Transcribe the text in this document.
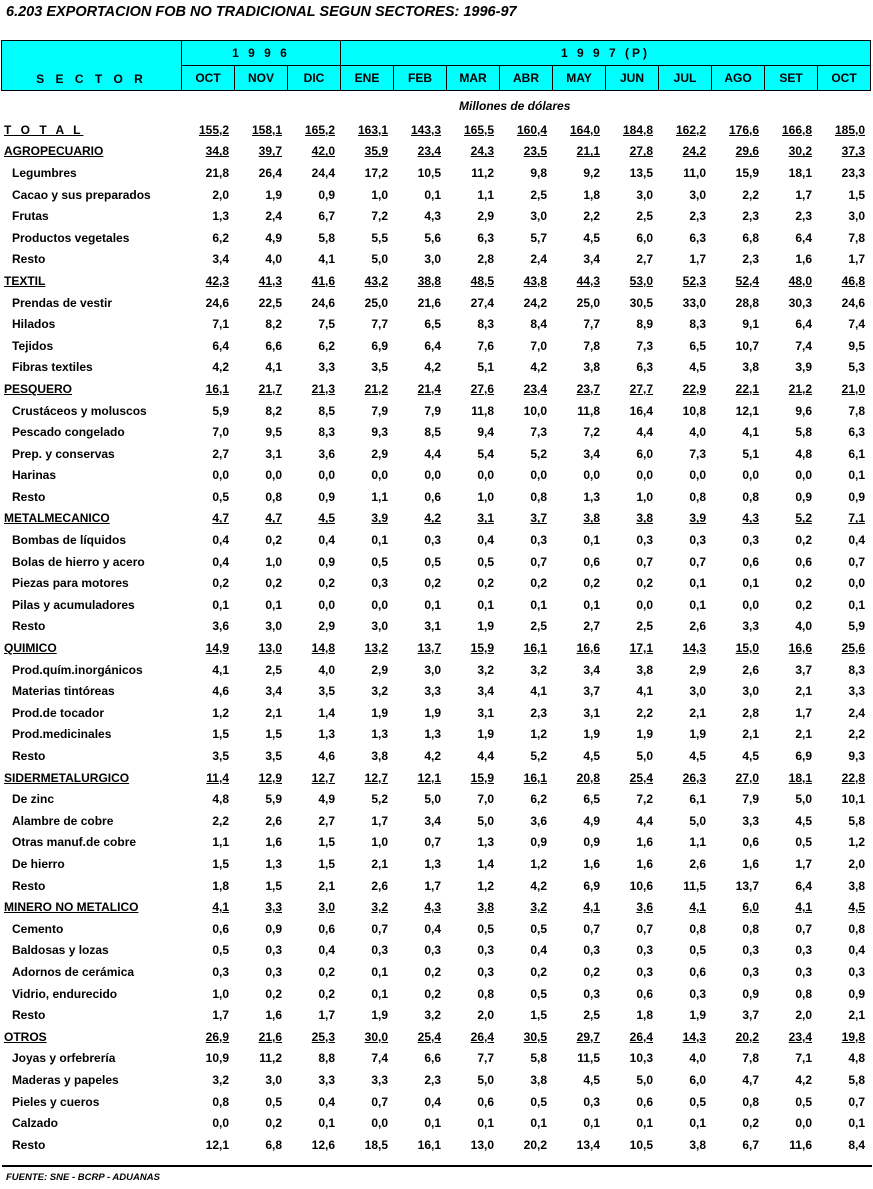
6.203 EXPORTACION FOB NO TRADICIONAL SEGUN SECTORES: 1996-97
S E C T O R	1 9 9 6			1 9 9 7 (P)									
	OCT	NOV	DIC	ENE	FEB	MAR	ABR	MAY	JUN	JUL	AGO	SET	OCT
Millones de dólares
T O T A L	155,2	158,1	165,2	163,1	143,3	165,5	160,4	164,0	184,8	162,2	176,6	166,8	185,0
AGROPECUARIO	34,8	39,7	42,0	35,9	23,4	24,3	23,5	21,1	27,8	24,2	29,6	30,2	37,3
Legumbres	21,8	26,4	24,4	17,2	10,5	11,2	9,8	9,2	13,5	11,0	15,9	18,1	23,3
Cacao y sus preparados	2,0	1,9	0,9	1,0	0,1	1,1	2,5	1,8	3,0	3,0	2,2	1,7	1,5
Frutas	1,3	2,4	6,7	7,2	4,3	2,9	3,0	2,2	2,5	2,3	2,3	2,3	3,0
Productos vegetales	6,2	4,9	5,8	5,5	5,6	6,3	5,7	4,5	6,0	6,3	6,8	6,4	7,8
Resto	3,4	4,0	4,1	5,0	3,0	2,8	2,4	3,4	2,7	1,7	2,3	1,6	1,7
TEXTIL	42,3	41,3	41,6	43,2	38,8	48,5	43,8	44,3	53,0	52,3	52,4	48,0	46,8
Prendas de vestir	24,6	22,5	24,6	25,0	21,6	27,4	24,2	25,0	30,5	33,0	28,8	30,3	24,6
Hilados	7,1	8,2	7,5	7,7	6,5	8,3	8,4	7,7	8,9	8,3	9,1	6,4	7,4
Tejidos	6,4	6,6	6,2	6,9	6,4	7,6	7,0	7,8	7,3	6,5	10,7	7,4	9,5
Fibras textiles	4,2	4,1	3,3	3,5	4,2	5,1	4,2	3,8	6,3	4,5	3,8	3,9	5,3
PESQUERO	16,1	21,7	21,3	21,2	21,4	27,6	23,4	23,7	27,7	22,9	22,1	21,2	21,0
Crustáceos y moluscos	5,9	8,2	8,5	7,9	7,9	11,8	10,0	11,8	16,4	10,8	12,1	9,6	7,8
Pescado congelado	7,0	9,5	8,3	9,3	8,5	9,4	7,3	7,2	4,4	4,0	4,1	5,8	6,3
Prep. y conservas	2,7	3,1	3,6	2,9	4,4	5,4	5,2	3,4	6,0	7,3	5,1	4,8	6,1
Harinas	0,0	0,0	0,0	0,0	0,0	0,0	0,0	0,0	0,0	0,0	0,0	0,0	0,1
Resto	0,5	0,8	0,9	1,1	0,6	1,0	0,8	1,3	1,0	0,8	0,8	0,9	0,9
METALMECANICO	4,7	4,7	4,5	3,9	4,2	3,1	3,7	3,8	3,8	3,9	4,3	5,2	7,1
Bombas de líquidos	0,4	0,2	0,4	0,1	0,3	0,4	0,3	0,1	0,3	0,3	0,3	0,2	0,4
Bolas de hierro y acero	0,4	1,0	0,9	0,5	0,5	0,5	0,7	0,6	0,7	0,7	0,6	0,6	0,7
Piezas para motores	0,2	0,2	0,2	0,3	0,2	0,2	0,2	0,2	0,2	0,1	0,1	0,2	0,0
Pilas y acumuladores	0,1	0,1	0,0	0,0	0,1	0,1	0,1	0,1	0,0	0,1	0,0	0,2	0,1
Resto	3,6	3,0	2,9	3,0	3,1	1,9	2,5	2,7	2,5	2,6	3,3	4,0	5,9
QUIMICO	14,9	13,0	14,8	13,2	13,7	15,9	16,1	16,6	17,1	14,3	15,0	16,6	25,6
Prod.quím.inorgánicos	4,1	2,5	4,0	2,9	3,0	3,2	3,2	3,4	3,8	2,9	2,6	3,7	8,3
Materias tintóreas	4,6	3,4	3,5	3,2	3,3	3,4	4,1	3,7	4,1	3,0	3,0	2,1	3,3
Prod.de tocador	1,2	2,1	1,4	1,9	1,9	3,1	2,3	3,1	2,2	2,1	2,8	1,7	2,4
Prod.medicinales	1,5	1,5	1,3	1,3	1,3	1,9	1,2	1,9	1,9	1,9	2,1	2,1	2,2
Resto	3,5	3,5	4,6	3,8	4,2	4,4	5,2	4,5	5,0	4,5	4,5	6,9	9,3
SIDERMETALURGICO	11,4	12,9	12,7	12,7	12,1	15,9	16,1	20,8	25,4	26,3	27,0	18,1	22,8
De zinc	4,8	5,9	4,9	5,2	5,0	7,0	6,2	6,5	7,2	6,1	7,9	5,0	10,1
Alambre de cobre	2,2	2,6	2,7	1,7	3,4	5,0	3,6	4,9	4,4	5,0	3,3	4,5	5,8
Otras manuf.de cobre	1,1	1,6	1,5	1,0	0,7	1,3	0,9	0,9	1,6	1,1	0,6	0,5	1,2
De hierro	1,5	1,3	1,5	2,1	1,3	1,4	1,2	1,6	1,6	2,6	1,6	1,7	2,0
Resto	1,8	1,5	2,1	2,6	1,7	1,2	4,2	6,9	10,6	11,5	13,7	6,4	3,8
MINERO NO METALICO	4,1	3,3	3,0	3,2	4,3	3,8	3,2	4,1	3,6	4,1	6,0	4,1	4,5
Cemento	0,6	0,9	0,6	0,7	0,4	0,5	0,5	0,7	0,7	0,8	0,8	0,7	0,8
Baldosas y lozas	0,5	0,3	0,4	0,3	0,3	0,3	0,4	0,3	0,3	0,5	0,3	0,3	0,4
Adornos de cerámica	0,3	0,3	0,2	0,1	0,2	0,3	0,2	0,2	0,3	0,6	0,3	0,3	0,3
Vidrio, endurecido	1,0	0,2	0,2	0,1	0,2	0,8	0,5	0,3	0,6	0,3	0,9	0,8	0,9
Resto	1,7	1,6	1,7	1,9	3,2	2,0	1,5	2,5	1,8	1,9	3,7	2,0	2,1
OTROS	26,9	21,6	25,3	30,0	25,4	26,4	30,5	29,7	26,4	14,3	20,2	23,4	19,8
Joyas y orfebrería	10,9	11,2	8,8	7,4	6,6	7,7	5,8	11,5	10,3	4,0	7,8	7,1	4,8
Maderas y papeles	3,2	3,0	3,3	3,3	2,3	5,0	3,8	4,5	5,0	6,0	4,7	4,2	5,8
Pieles y cueros	0,8	0,5	0,4	0,7	0,4	0,6	0,5	0,3	0,6	0,5	0,8	0,5	0,7
Calzado	0,0	0,2	0,1	0,0	0,1	0,1	0,1	0,1	0,1	0,1	0,2	0,0	0,1
Resto	12,1	6,8	12,6	18,5	16,1	13,0	20,2	13,4	10,5	3,8	6,7	11,6	8,4
FUENTE: SNE - BCRP - ADUANAS
